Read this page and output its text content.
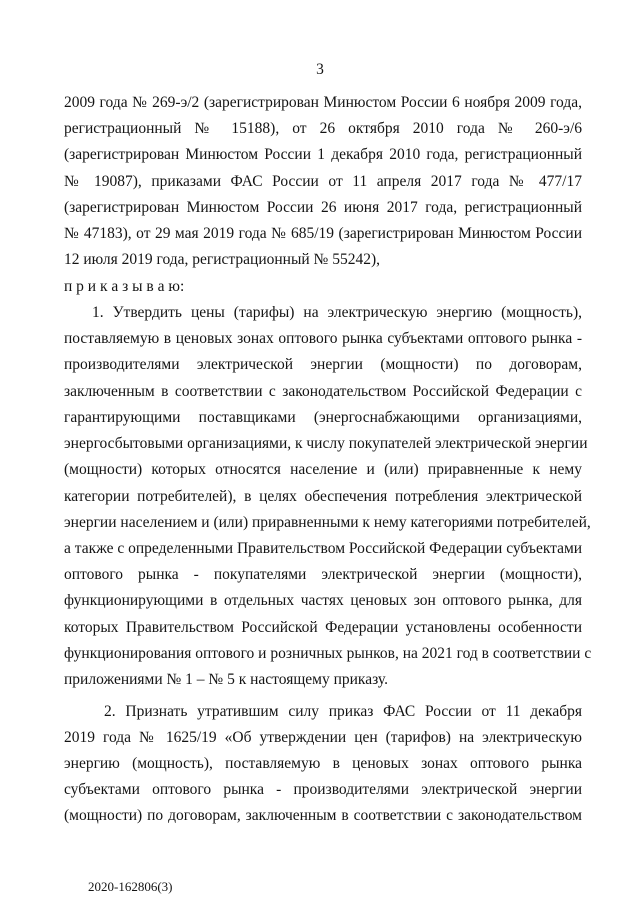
3
2009 года № 269-э/2 (зарегистрирован Минюстом России 6 ноября 2009 года,
регистрационный № 15188), от 26 октября 2010 года № 260-э/6
(зарегистрирован Минюстом России 1 декабря 2010 года, регистрационный
№ 19087), приказами ФАС России от 11 апреля 2017 года № 477/17
(зарегистрирован Минюстом России 26 июня 2017 года, регистрационный
№ 47183), от 29 мая 2019 года № 685/19 (зарегистрирован Минюстом России
12 июля 2019 года, регистрационный № 55242),
п р и к а з ы в а ю:
1. Утвердить цены (тарифы) на электрическую энергию (мощность),
поставляемую в ценовых зонах оптового рынка субъектами оптового рынка -
производителями электрической энергии (мощности) по договорам,
заключенным в соответствии с законодательством Российской Федерации с
гарантирующими поставщиками (энергоснабжающими организациями,
энергосбытовыми организациями, к числу покупателей электрической энергии
(мощности) которых относятся население и (или) приравненные к нему
категории потребителей), в целях обеспечения потребления электрической
энергии населением и (или) приравненными к нему категориями потребителей,
а также с определенными Правительством Российской Федерации субъектами
оптового рынка - покупателями электрической энергии (мощности),
функционирующими в отдельных частях ценовых зон оптового рынка, для
которых Правительством Российской Федерации установлены особенности
функционирования оптового и розничных рынков, на 2021 год в соответствии с
приложениями № 1 – № 5 к настоящему приказу.
2. Признать утратившим силу приказ ФАС России от 11 декабря
2019 года № 1625/19 «Об утверждении цен (тарифов) на электрическую
энергию (мощность), поставляемую в ценовых зонах оптового рынка
субъектами оптового рынка - производителями электрической энергии
(мощности) по договорам, заключенным в соответствии с законодательством
2020-162806(3)
